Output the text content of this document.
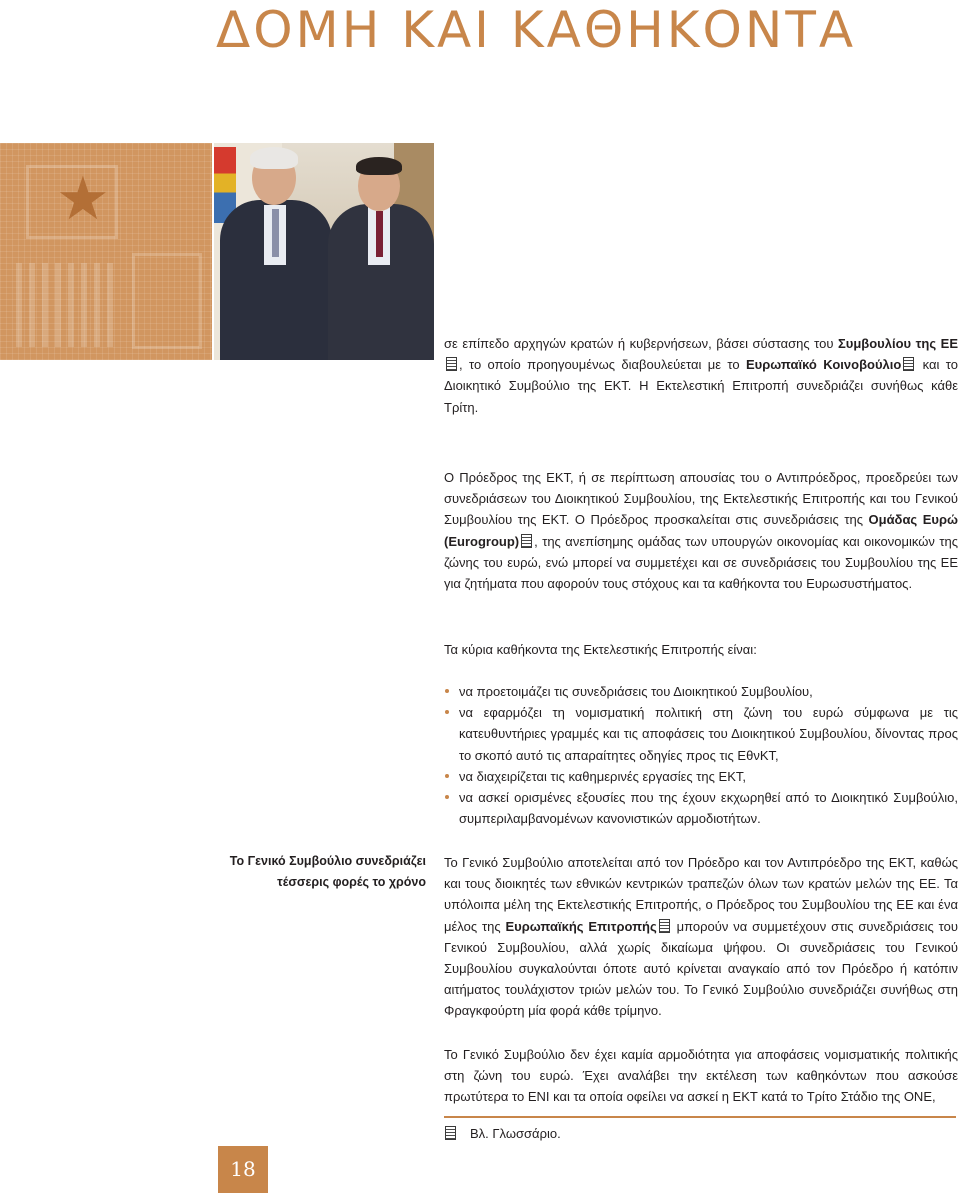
ΔΟΜΗ ΚΑΙ ΚΑΘΗΚΟΝΤΑ
★
σε επίπεδο αρχηγών κρατών ή κυβερνήσεων, βάσει σύστασης του Συμβουλίου της ΕΕ, το οποίο προηγουμένως διαβουλεύεται με το Ευρωπαϊκό Κοινοβούλιο και το Διοικητικό Συμβούλιο της ΕΚΤ. Η Εκτελεστική Επιτροπή συνεδριάζει συνήθως κάθε Τρίτη.
Ο Πρόεδρος της ΕΚΤ, ή σε περίπτωση απουσίας του ο Αντιπρόεδρος, προεδρεύει των συνεδριάσεων του Διοικητικού Συμβουλίου, της Εκτελεστικής Επιτροπής και του Γενικού Συμβουλίου της ΕΚΤ. Ο Πρόεδρος προσκαλείται στις συνεδριάσεις της Ομάδας Ευρώ (Eurogroup) , της ανεπίσημης ομάδας των υπουργών οικονομίας και οικονομικών της ζώνης του ευρώ, ενώ μπορεί να συμμετέχει και σε συνεδριάσεις του Συμβουλίου της ΕΕ για ζητήματα που αφορούν τους στόχους και τα καθήκοντα του Ευρωσυστήματος.
Τα κύρια καθήκοντα της Εκτελεστικής Επιτροπής είναι:
να προετοιμάζει τις συνεδριάσεις του Διοικητικού Συμβουλίου,
να εφαρμόζει τη νομισματική πολιτική στη ζώνη του ευρώ σύμφωνα με τις κατευθυντήριες γραμμές και τις αποφάσεις του Διοικητικού Συμβουλίου, δίνοντας προς το σκοπό αυτό τις απαραίτητες οδηγίες προς τις ΕθνΚΤ,
να διαχειρίζεται τις καθημερινές εργασίες της ΕΚΤ,
να ασκεί ορισμένες εξουσίες που της έχουν εκχωρηθεί από το Διοικητικό Συμβούλιο, συμπεριλαμβανομένων κανονιστικών αρμοδιοτήτων.
Το Γενικό Συμβούλιο συνεδριάζει τέσσερις φορές το χρόνο
Το Γενικό Συμβούλιο αποτελείται από τον Πρόεδρο και τον Αντιπρόεδρο της ΕΚΤ, καθώς και τους διοικητές των εθνικών κεντρικών τραπεζών όλων των κρατών μελών της ΕΕ. Τα υπόλοιπα μέλη της Εκτελεστικής Επιτροπής, ο Πρόεδρος του Συμβουλίου της ΕΕ και ένα μέλος της Ευρωπαϊκής Επιτροπής μπορούν να συμμετέχουν στις συνεδριάσεις του Γενικού Συμβουλίου, αλλά χωρίς δικαίωμα ψήφου. Οι συνεδριάσεις του Γενικού Συμβουλίου συγκαλούνται όποτε αυτό κρίνεται αναγκαίο από τον Πρόεδρο ή κατόπιν αιτήματος τουλάχιστον τριών μελών του. Το Γενικό Συμβούλιο συνεδριάζει συνήθως στη Φραγκφούρτη μία φορά κάθε τρίμηνο.
Το Γενικό Συμβούλιο δεν έχει καμία αρμοδιότητα για αποφάσεις νομισματικής πολιτικής στη ζώνη του ευρώ. Έχει αναλάβει την εκτέλεση των καθηκόντων που ασκούσε πρωτύτερα το ΕΝΙ και τα οποία οφείλει να ασκεί η ΕΚΤ κατά το Τρίτο Στάδιο της ΟΝΕ,
Βλ. Γλωσσάριο.
18
